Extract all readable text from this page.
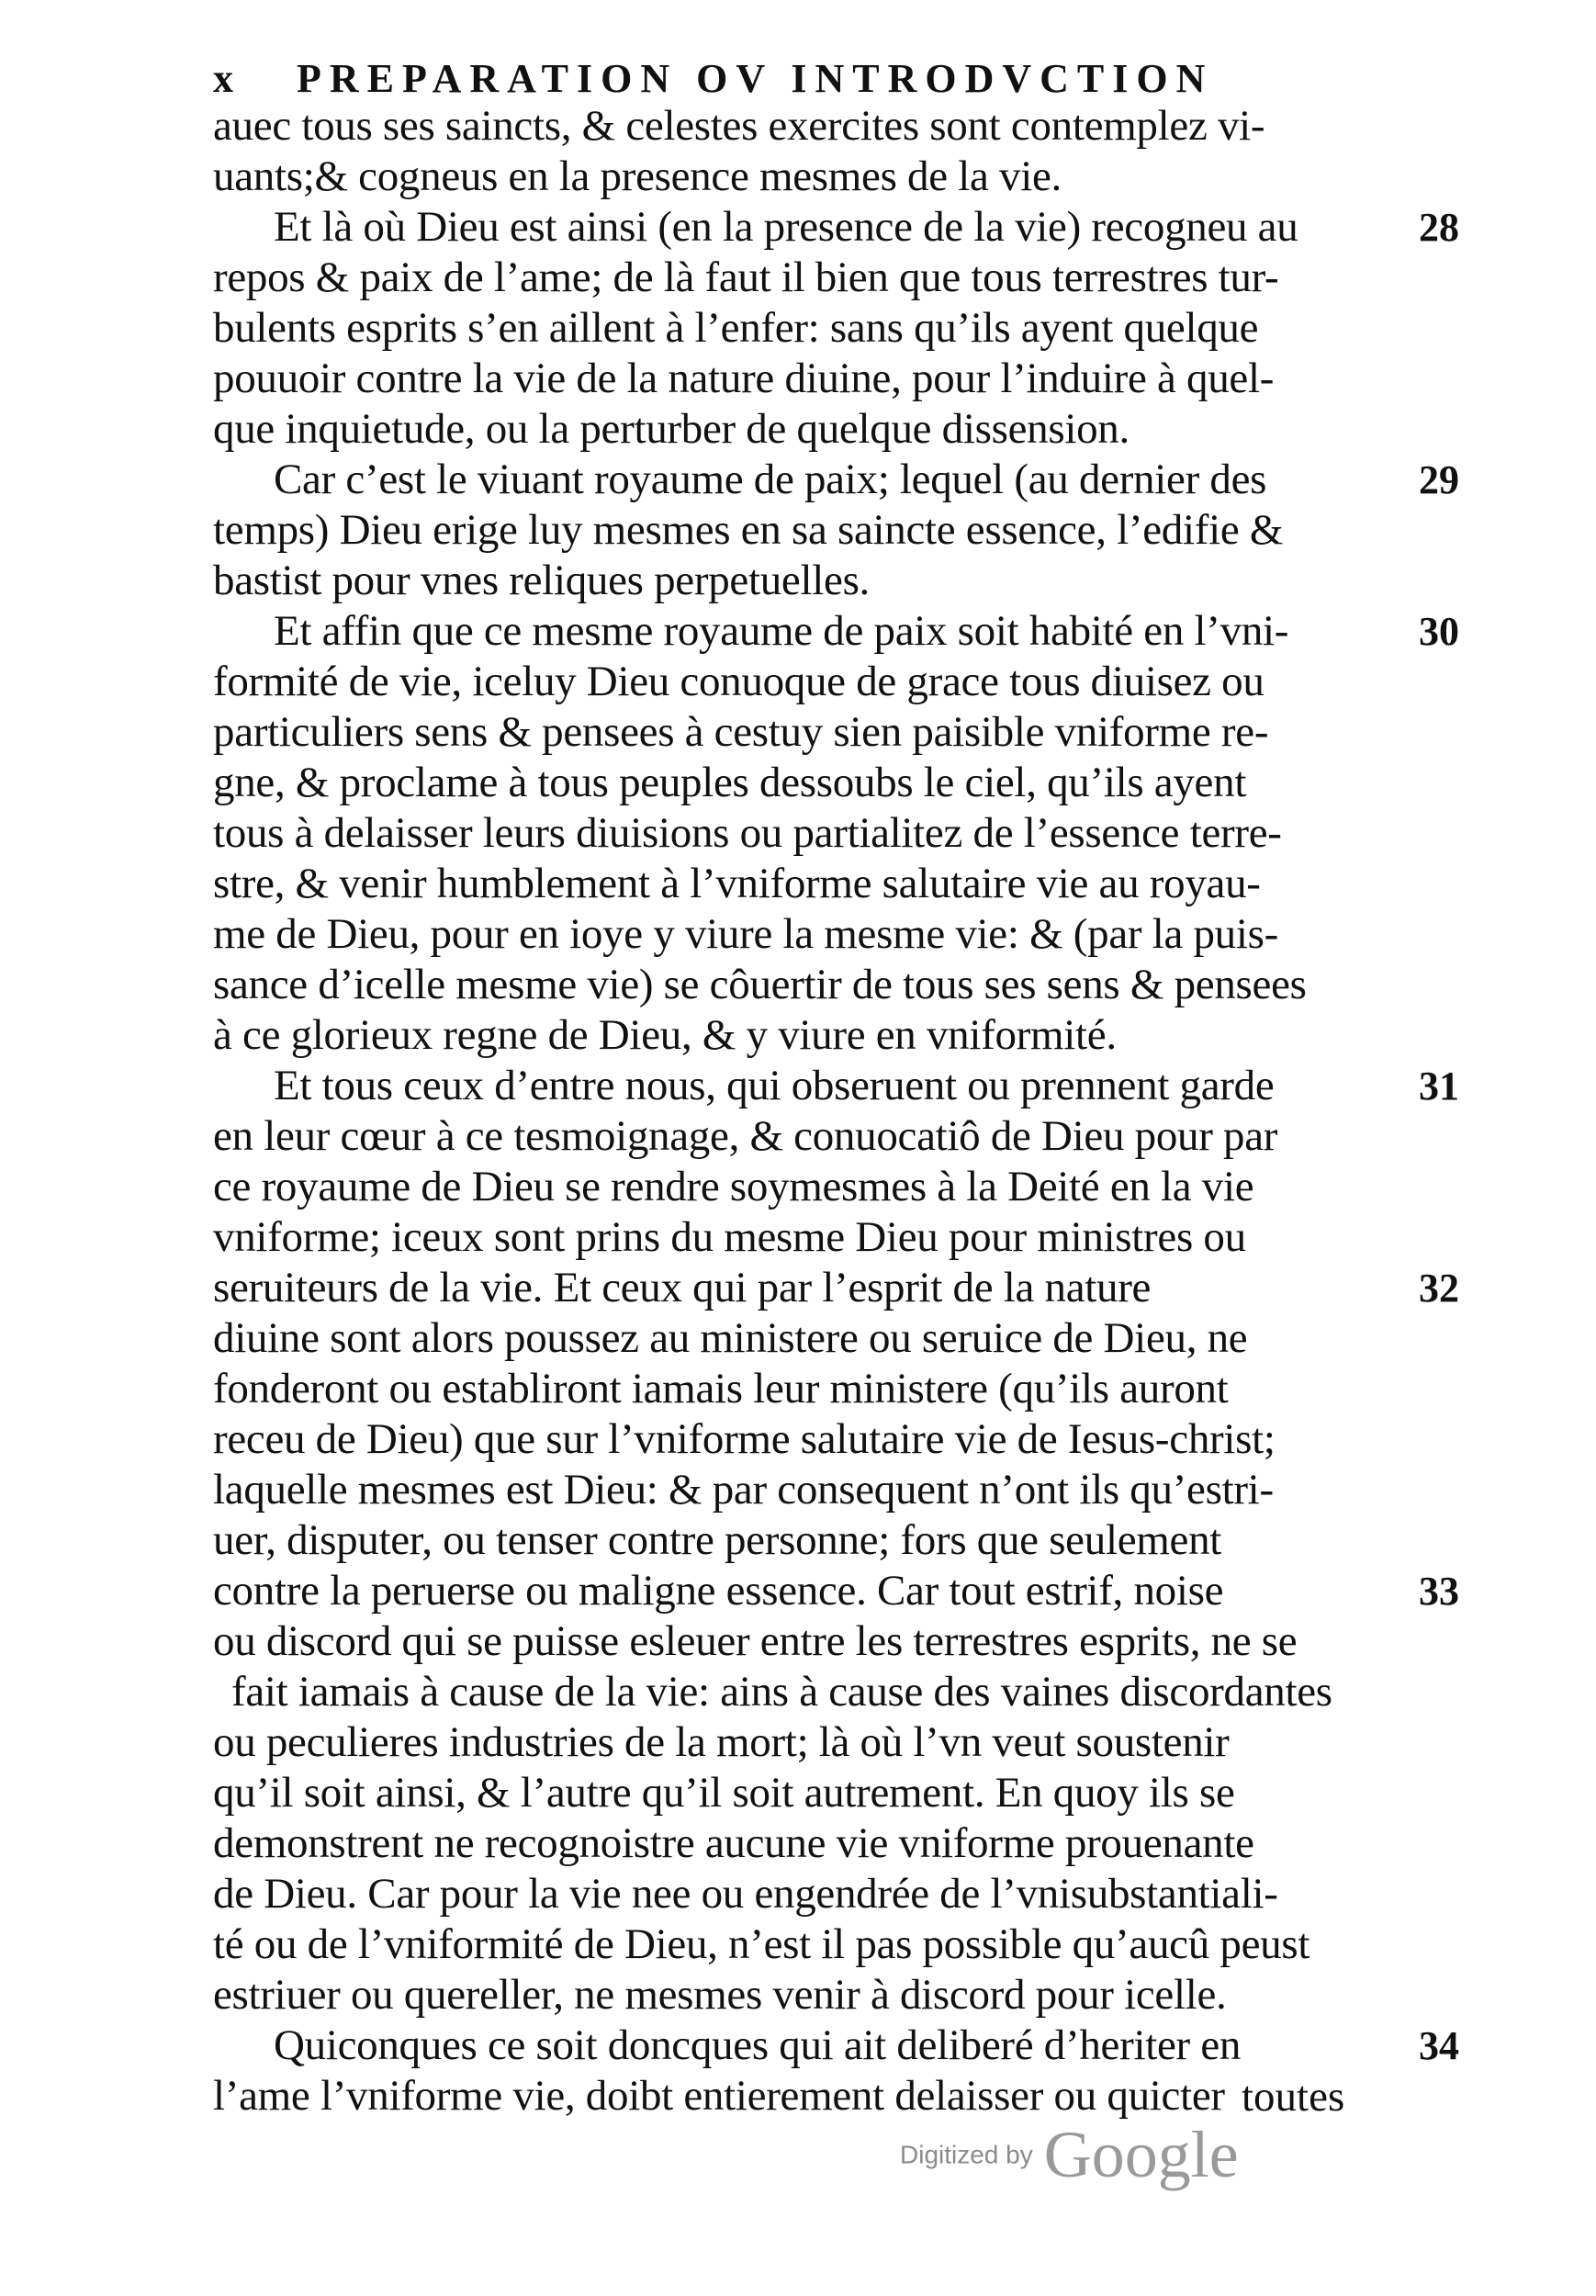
x PREPARATION OV INTRODVCTION
auec tous ses saincts, & celestes exercites sont contemplez vi-
uants;& cogneus en la presence mesmes de la vie.
Et là où Dieu est ainsi (en la presence de la vie) recogneu au
repos & paix de l’ame; de là faut il bien que tous terrestres tur-
bulents esprits s’en aillent à l’enfer: sans qu’ils ayent quelque
pouuoir contre la vie de la nature diuine, pour l’induire à quel-
que inquietude, ou la perturber de quelque dissension.
Car c’est le viuant royaume de paix; lequel (au dernier des
temps) Dieu erige luy mesmes en sa saincte essence, l’edifie &
bastist pour vnes reliques perpetuelles.
Et affin que ce mesme royaume de paix soit habité en l’vni-
formité de vie, iceluy Dieu conuoque de grace tous diuisez ou
particuliers sens & pensees à cestuy sien paisible vniforme re-
gne, & proclame à tous peuples dessoubs le ciel, qu’ils ayent
tous à delaisser leurs diuisions ou partialitez de l’essence terre-
stre, & venir humblement à l’vniforme salutaire vie au royau-
me de Dieu, pour en ioye y viure la mesme vie: & (par la puis-
sance d’icelle mesme vie) se côuertir de tous ses sens & pensees
à ce glorieux regne de Dieu, & y viure en vniformité.
Et tous ceux d’entre nous, qui obseruent ou prennent garde
en leur cœur à ce tesmoignage, & conuocatiô de Dieu pour par
ce royaume de Dieu se rendre soymesmes à la Deité en la vie
vniforme; iceux sont prins du mesme Dieu pour ministres ou
seruiteurs de la vie. Et ceux qui par l’esprit de la nature
diuine sont alors poussez au ministere ou seruice de Dieu, ne
fonderont ou establiront iamais leur ministere (qu’ils auront
receu de Dieu) que sur l’vniforme salutaire vie de Iesus-christ;
laquelle mesmes est Dieu: & par consequent n’ont ils qu’estri-
uer, disputer, ou tenser contre personne; fors que seulement
contre la peruerse ou maligne essence. Car tout estrif, noise
ou discord qui se puisse esleuer entre les terrestres esprits, ne se
fait iamais à cause de la vie: ains à cause des vaines discordantes
ou peculieres industries de la mort; là où l’vn veut soustenir
qu’il soit ainsi, & l’autre qu’il soit autrement. En quoy ils se
demonstrent ne recognoistre aucune vie vniforme prouenante
de Dieu. Car pour la vie nee ou engendrée de l’vnisubstantiali-
té ou de l’vniformité de Dieu, n’est il pas possible qu’aucû peust
estriuer ou quereller, ne mesmes venir à discord pour icelle.
Quiconques ce soit doncques qui ait deliberé d’heriter en
l’ame l’vniforme vie, doibt entierement delaisser ou quicter
28
29
30
31
32
33
34
toutes
Digitized by Google
